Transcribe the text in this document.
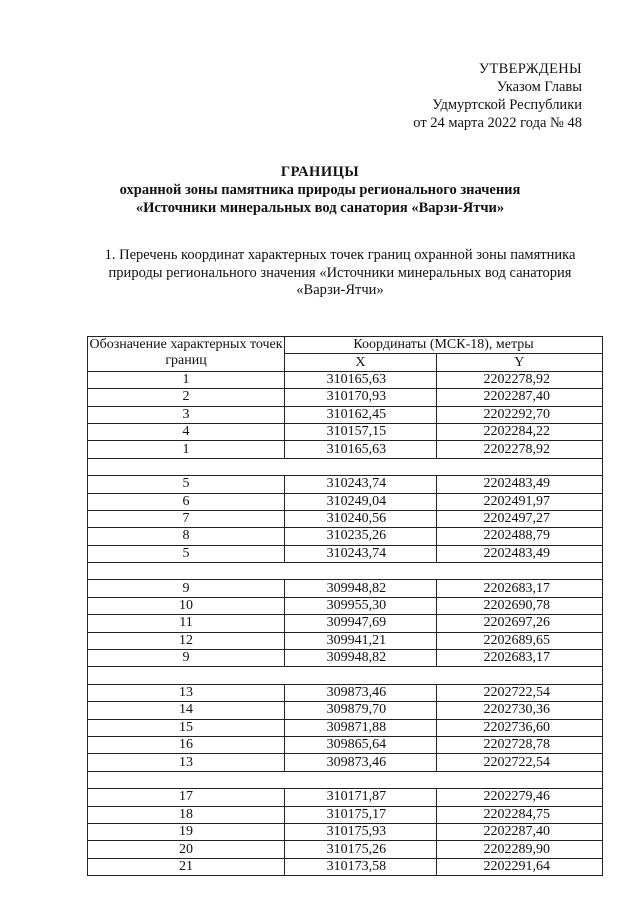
УТВЕРЖДЕНЫ
Указом Главы
Удмуртской Республики
от 24 марта 2022 года № 48
ГРАНИЦЫ
охранной зоны памятника природы регионального значения
«Источники минеральных вод санатория «Варзи-Ятчи»
1. Перечень координат характерных точек границ охранной зоны памятника природы регионального значения «Источники минеральных вод санатория «Варзи-Ятчи»
Обозначение характерных точек границ	Координаты (МСК-18), метры	
	X	Y
1	310165,63	2202278,92
2	310170,93	2202287,40
3	310162,45	2202292,70
4	310157,15	2202284,22
1	310165,63	2202278,92

5	310243,74	2202483,49
6	310249,04	2202491,97
7	310240,56	2202497,27
8	310235,26	2202488,79
5	310243,74	2202483,49

9	309948,82	2202683,17
10	309955,30	2202690,78
11	309947,69	2202697,26
12	309941,21	2202689,65
9	309948,82	2202683,17

13	309873,46	2202722,54
14	309879,70	2202730,36
15	309871,88	2202736,60
16	309865,64	2202728,78
13	309873,46	2202722,54

17	310171,87	2202279,46
18	310175,17	2202284,75
19	310175,93	2202287,40
20	310175,26	2202289,90
21	310173,58	2202291,64
